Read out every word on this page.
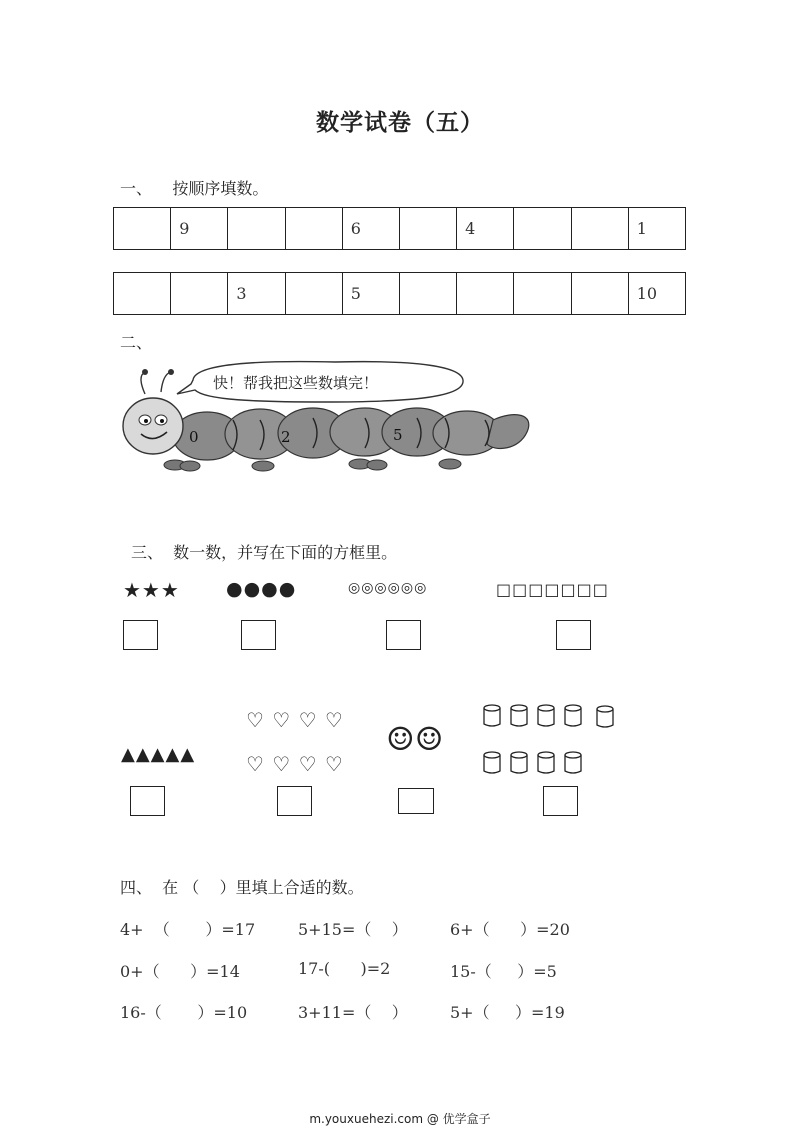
数学试卷（五）
一、    按顺序填数。
	9			6		4			1
		3		5					10
二、
快！帮我把这些数填完！
0	2	5
三、  数一数，并写在下面的方框里。
★★★ ●●●●	◎◎◎◎◎◎	□□□□□□□
▲▲▲▲▲
♡ ♡ ♡ ♡
♡ ♡ ♡ ♡
☺☺
四、  在 （    ）里填上合适的数。
4+  （       ）=17	5+15=（    ）	6+（      ）=20
0+（      ）=14	17-(      )=2	15-（     ）=5
16-（       ）=10	3+11=（    ）	5+（     ）=19
m.youxuehezi.com @ 优学盒子
